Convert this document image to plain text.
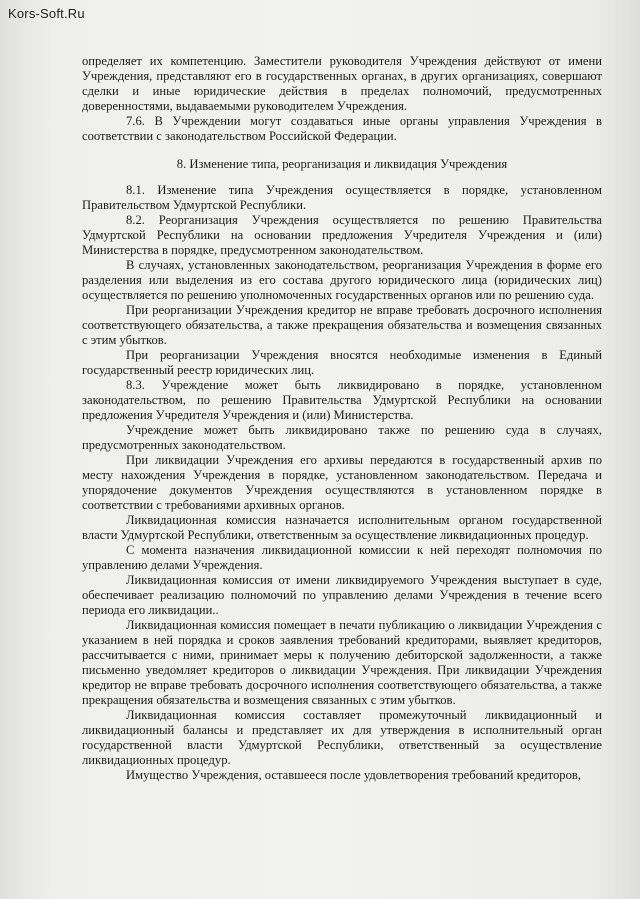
Kors-Soft.Ru

определяет их компетенцию. Заместители руководителя Учреждения действуют от имени Учреждения, представляют его в государственных органах, в других организациях, совершают сделки и иные юридические действия в пределах полномочий, предусмотренных доверенностями, выдаваемыми руководителем Учреждения.

7.6. В Учреждении могут создаваться иные органы управления Учреждения в соответствии с законодательством Российской Федерации.

8. Изменение типа, реорганизация и ликвидация Учреждения

8.1. Изменение типа Учреждения осуществляется в порядке, установленном Правительством Удмуртской Республики.

8.2. Реорганизация Учреждения осуществляется по решению Правительства Удмуртской Республики на основании предложения Учредителя Учреждения и (или) Министерства в порядке, предусмотренном законодательством.

В случаях, установленных законодательством, реорганизация Учреждения в форме его разделения или выделения из его состава другого юридического лица (юридических лиц) осуществляется по решению уполномоченных государственных органов или по решению суда.

При реорганизации Учреждения кредитор не вправе требовать досрочного исполнения соответствующего обязательства, а также прекращения обязательства и возмещения связанных с этим убытков.

При реорганизации Учреждения вносятся необходимые изменения в Единый государственный реестр юридических лиц.

8.3. Учреждение может быть ликвидировано в порядке, установленном законодательством, по решению Правительства Удмуртской Республики на основании предложения Учредителя Учреждения и (или) Министерства.

Учреждение может быть ликвидировано также по решению суда в случаях, предусмотренных законодательством.

При ликвидации Учреждения его архивы передаются в государственный архив по месту нахождения Учреждения в порядке, установленном законодательством. Передача и упорядочение документов Учреждения осуществляются в установленном порядке в соответствии с требованиями архивных органов.

Ликвидационная комиссия назначается исполнительным органом государственной власти Удмуртской Республики, ответственным за осуществление ликвидационных процедур.

С момента назначения ликвидационной комиссии к ней переходят полномочия по управлению делами Учреждения.

Ликвидационная комиссия от имени ликвидируемого Учреждения выступает в суде, обеспечивает реализацию полномочий по управлению делами Учреждения в течение всего периода его ликвидации..

Ликвидационная комиссия помещает в печати публикацию о ликвидации Учреждения с указанием в ней порядка и сроков заявления требований кредиторами, выявляет кредиторов, рассчитывается с ними, принимает меры к получению дебиторской задолженности, а также письменно уведомляет кредиторов о ликвидации Учреждения. При ликвидации Учреждения кредитор не вправе требовать досрочного исполнения соответствующего обязательства, а также прекращения обязательства и возмещения связанных с этим убытков.

Ликвидационная комиссия составляет промежуточный ликвидационный и ликвидационный балансы и представляет их для утверждения в исполнительный орган государственной власти Удмуртской Республики, ответственный за осуществление ликвидационных процедур.

Имущество Учреждения, оставшееся после удовлетворения требований кредиторов,
